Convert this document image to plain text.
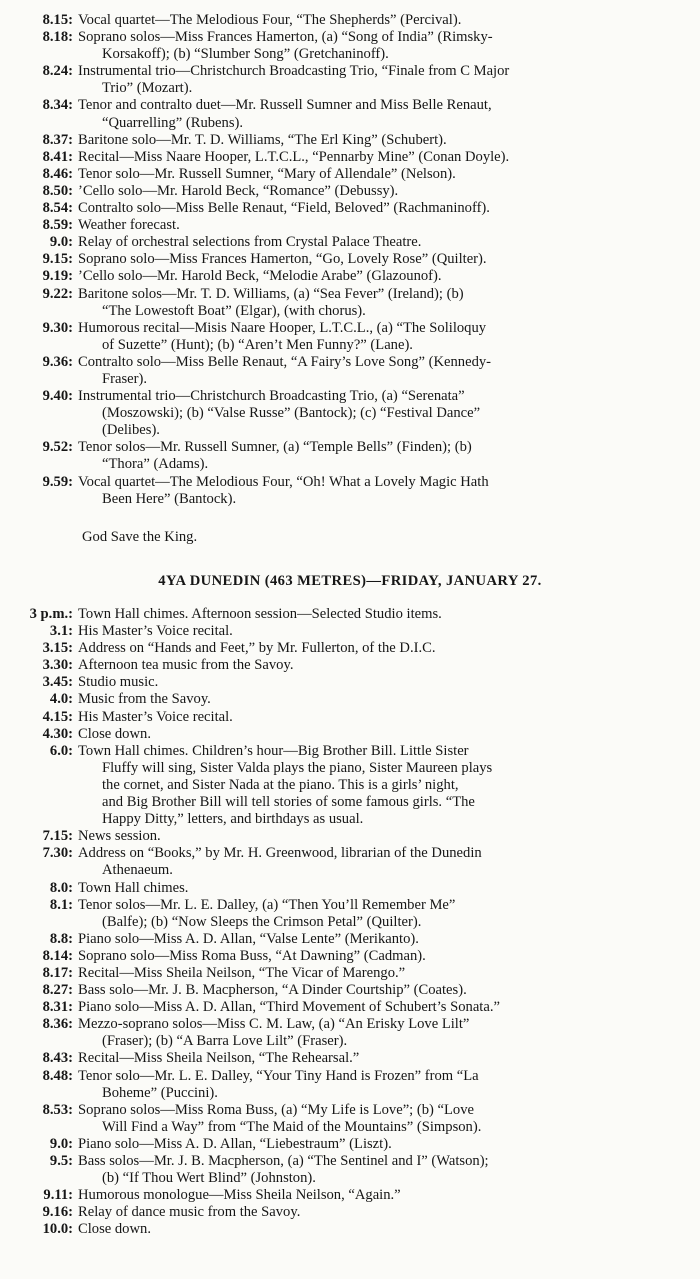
8.15: Vocal quartet—The Melodious Four, “The Shepherds” (Percival).
8.18: Soprano solos—Miss Frances Hamerton, (a) “Song of India” (Rimsky-
Korsakoff); (b) “Slumber Song” (Gretchaninoff).
8.24: Instrumental trio—Christchurch Broadcasting Trio, “Finale from C Major
Trio” (Mozart).
8.34: Tenor and contralto duet—Mr. Russell Sumner and Miss Belle Renaut,
“Quarrelling” (Rubens).
8.37: Baritone solo—Mr. T. D. Williams, “The Erl King” (Schubert).
8.41: Recital—Miss Naare Hooper, L.T.C.L., “Pennarby Mine” (Conan Doyle).
8.46: Tenor solo—Mr. Russell Sumner, “Mary of Allendale” (Nelson).
8.50: ’Cello solo—Mr. Harold Beck, “Romance” (Debussy).
8.54: Contralto solo—Miss Belle Renaut, “Field, Beloved” (Rachmaninoff).
8.59: Weather forecast.
9.0: Relay of orchestral selections from Crystal Palace Theatre.
9.15: Soprano solo—Miss Frances Hamerton, “Go, Lovely Rose” (Quilter).
9.19: ’Cello solo—Mr. Harold Beck, “Melodie Arabe” (Glazounof).
9.22: Baritone solos—Mr. T. D. Williams, (a) “Sea Fever” (Ireland); (b)
“The Lowestoft Boat” (Elgar), (with chorus).
9.30: Humorous recital—Misis Naare Hooper, L.T.C.L., (a) “The Soliloquy
of Suzette” (Hunt); (b) “Aren’t Men Funny?” (Lane).
9.36: Contralto solo—Miss Belle Renaut, “A Fairy’s Love Song” (Kennedy-
Fraser).
9.40: Instrumental trio—Christchurch Broadcasting Trio, (a) “Serenata”
(Moszowski); (b) “Valse Russe” (Bantock); (c) “Festival Dance”
(Delibes).
9.52: Tenor solos—Mr. Russell Sumner, (a) “Temple Bells” (Finden); (b)
“Thora” (Adams).
9.59: Vocal quartet—The Melodious Four, “Oh! What a Lovely Magic Hath
Been Here” (Bantock).
God Save the King.
4YA DUNEDIN (463 METRES)—FRIDAY, JANUARY 27.
3 p.m.: Town Hall chimes. Afternoon session—Selected Studio items.
3.1: His Master’s Voice recital.
3.15: Address on “Hands and Feet,” by Mr. Fullerton, of the D.I.C.
3.30: Afternoon tea music from the Savoy.
3.45: Studio music.
4.0: Music from the Savoy.
4.15: His Master’s Voice recital.
4.30: Close down.
6.0: Town Hall chimes. Children’s hour—Big Brother Bill. Little Sister
Fluffy will sing, Sister Valda plays the piano, Sister Maureen plays
the cornet, and Sister Nada at the piano. This is a girls’ night,
and Big Brother Bill will tell stories of some famous girls. “The
Happy Ditty,” letters, and birthdays as usual.
7.15: News session.
7.30: Address on “Books,” by Mr. H. Greenwood, librarian of the Dunedin
Athenaeum.
8.0: Town Hall chimes.
8.1: Tenor solos—Mr. L. E. Dalley, (a) “Then You’ll Remember Me”
(Balfe); (b) “Now Sleeps the Crimson Petal” (Quilter).
8.8: Piano solo—Miss A. D. Allan, “Valse Lente” (Merikanto).
8.14: Soprano solo—Miss Roma Buss, “At Dawning” (Cadman).
8.17: Recital—Miss Sheila Neilson, “The Vicar of Marengo.”
8.27: Bass solo—Mr. J. B. Macpherson, “A Dinder Courtship” (Coates).
8.31: Piano solo—Miss A. D. Allan, “Third Movement of Schubert’s Sonata.”
8.36: Mezzo-soprano solos—Miss C. M. Law, (a) “An Erisky Love Lilt”
(Fraser); (b) “A Barra Love Lilt” (Fraser).
8.43: Recital—Miss Sheila Neilson, “The Rehearsal.”
8.48: Tenor solo—Mr. L. E. Dalley, “Your Tiny Hand is Frozen” from “La
Boheme” (Puccini).
8.53: Soprano solos—Miss Roma Buss, (a) “My Life is Love”; (b) “Love
Will Find a Way” from “The Maid of the Mountains” (Simpson).
9.0: Piano solo—Miss A. D. Allan, “Liebestraum” (Liszt).
9.5: Bass solos—Mr. J. B. Macpherson, (a) “The Sentinel and I” (Watson);
(b) “If Thou Wert Blind” (Johnston).
9.11: Humorous monologue—Miss Sheila Neilson, “Again.”
9.16: Relay of dance music from the Savoy.
10.0: Close down.
